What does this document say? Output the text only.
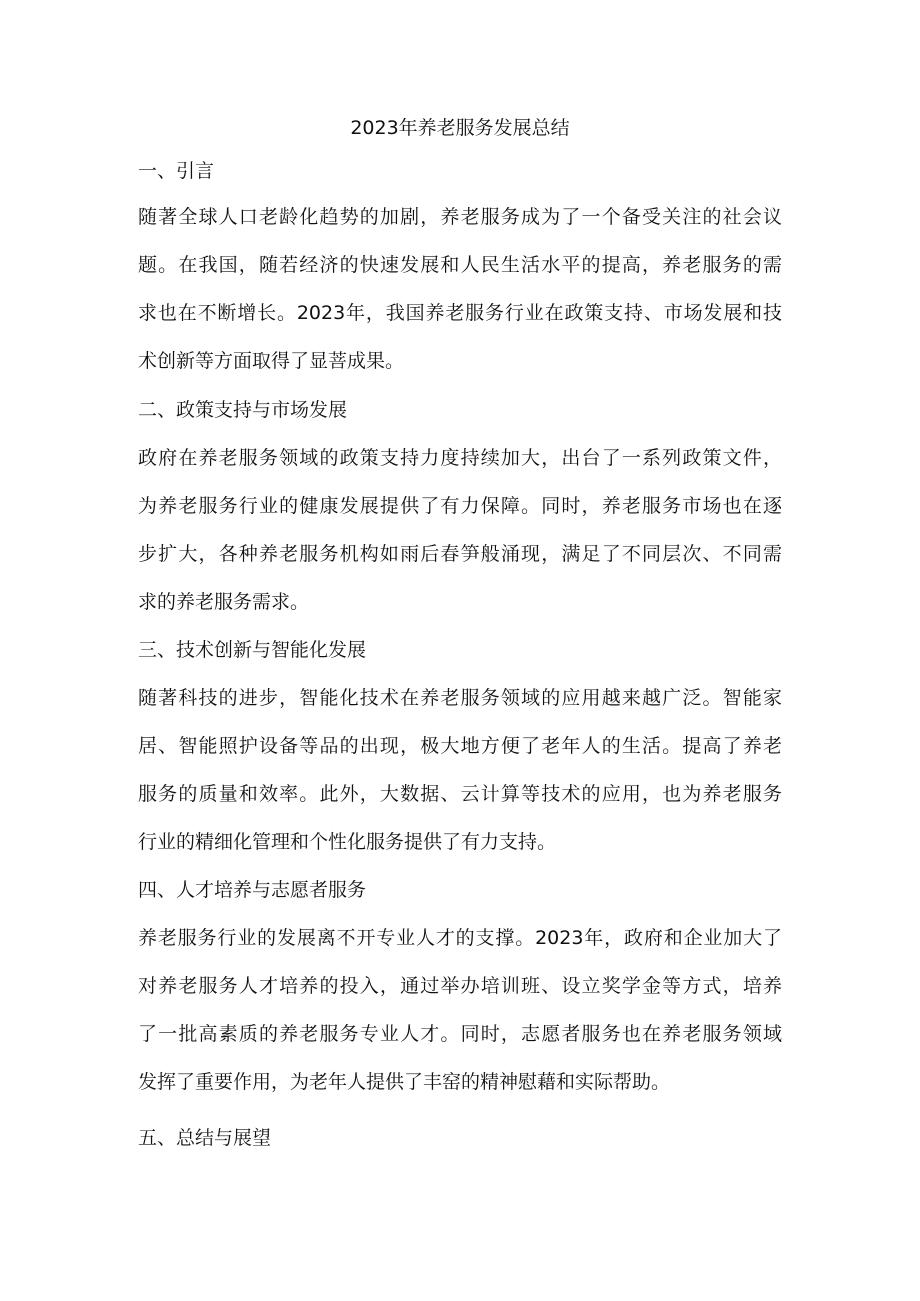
2023年养老服务发展总结
一、引言
随著全球人口老龄化趋势的加剧，养老服务成为了一个备受关注的社会议
题。在我国，随若经济的快速发展和人民生活水平的提高，养老服务的需
求也在不断增长。2023年，我国养老服务行业在政策支持、市场发展和技
术创新等方面取得了显菩成果。
二、政策支持与市场发展
政府在养老服务领域的政策支持力度持续加大，出台了一系列政策文件，
为养老服务行业的健康发展提供了有力保障。同时，养老服务市场也在逐
步扩大，各种养老服务机构如雨后春笋般涌现，满足了不同层次、不同需
求的养老服务需求。
三、技术创新与智能化发展
随著科技的进步，智能化技术在养老服务领域的应用越来越广泛。智能家
居、智能照护设备等品的出现，极大地方便了老年人的生活。提高了养老
服务的质量和效率。此外，大数据、云计算等技术的应用，也为养老服务
行业的精细化管理和个性化服务提供了有力支持。
四、人才培养与志愿者服务
养老服务行业的发展离不开专业人才的支撑。2023年，政府和企业加大了
对养老服务人才培养的投入，通过举办培训班、设立奖学金等方式，培养
了一批高素质的养老服务专业人才。同时，志愿者服务也在养老服务领域
发挥了重要作用，为老年人提供了丰窑的精神慰藉和实际帮助。
五、总结与展望
